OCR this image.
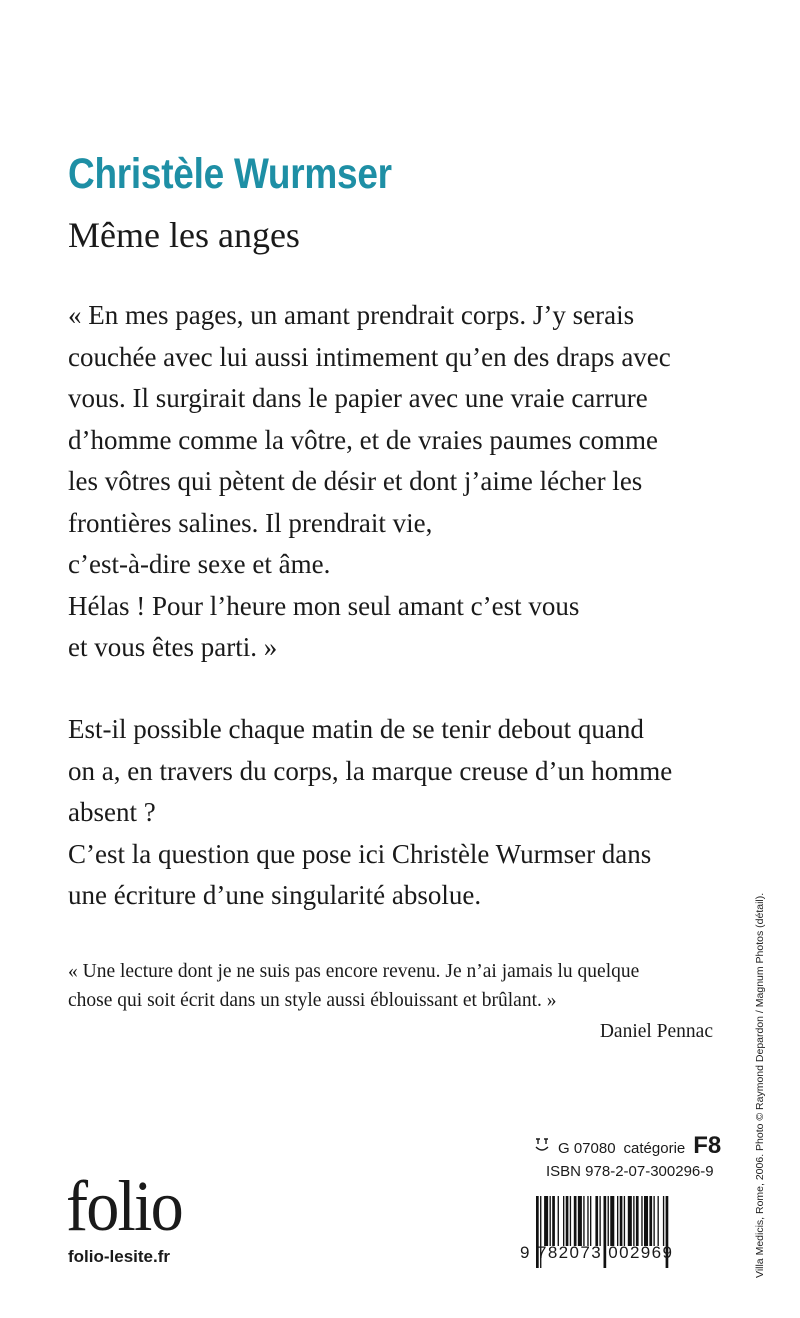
Christèle Wurmser
Même les anges
« En mes pages, un amant prendrait corps. J’y serais
couchée avec lui aussi intimement qu’en des draps avec
vous. Il surgirait dans le papier avec une vraie carrure
d’homme comme la vôtre, et de vraies paumes comme
les vôtres qui pètent de désir et dont j’aime lécher les
frontières salines. Il prendrait vie,
c’est-à-dire sexe et âme.
Hélas ! Pour l’heure mon seul amant c’est vous
et vous êtes parti. »
Est-il possible chaque matin de se tenir debout quand
on a, en travers du corps, la marque creuse d’un homme
absent ?
C’est la question que pose ici Christèle Wurmser dans
une écriture d’une singularité absolue.
« Une lecture dont je ne suis pas encore revenu. Je n’ai jamais lu quelque
chose qui soit écrit dans un style aussi éblouissant et brûlant. »
Daniel Pennac	Villa Medicis, Rome, 2006. Photo © Raymond Depardon / Magnum Photos (détail).
folio
folio-lesite.fr
G 07080 catégorie F8
ISBN 978-2-07-300296-9
9 782073 002969
